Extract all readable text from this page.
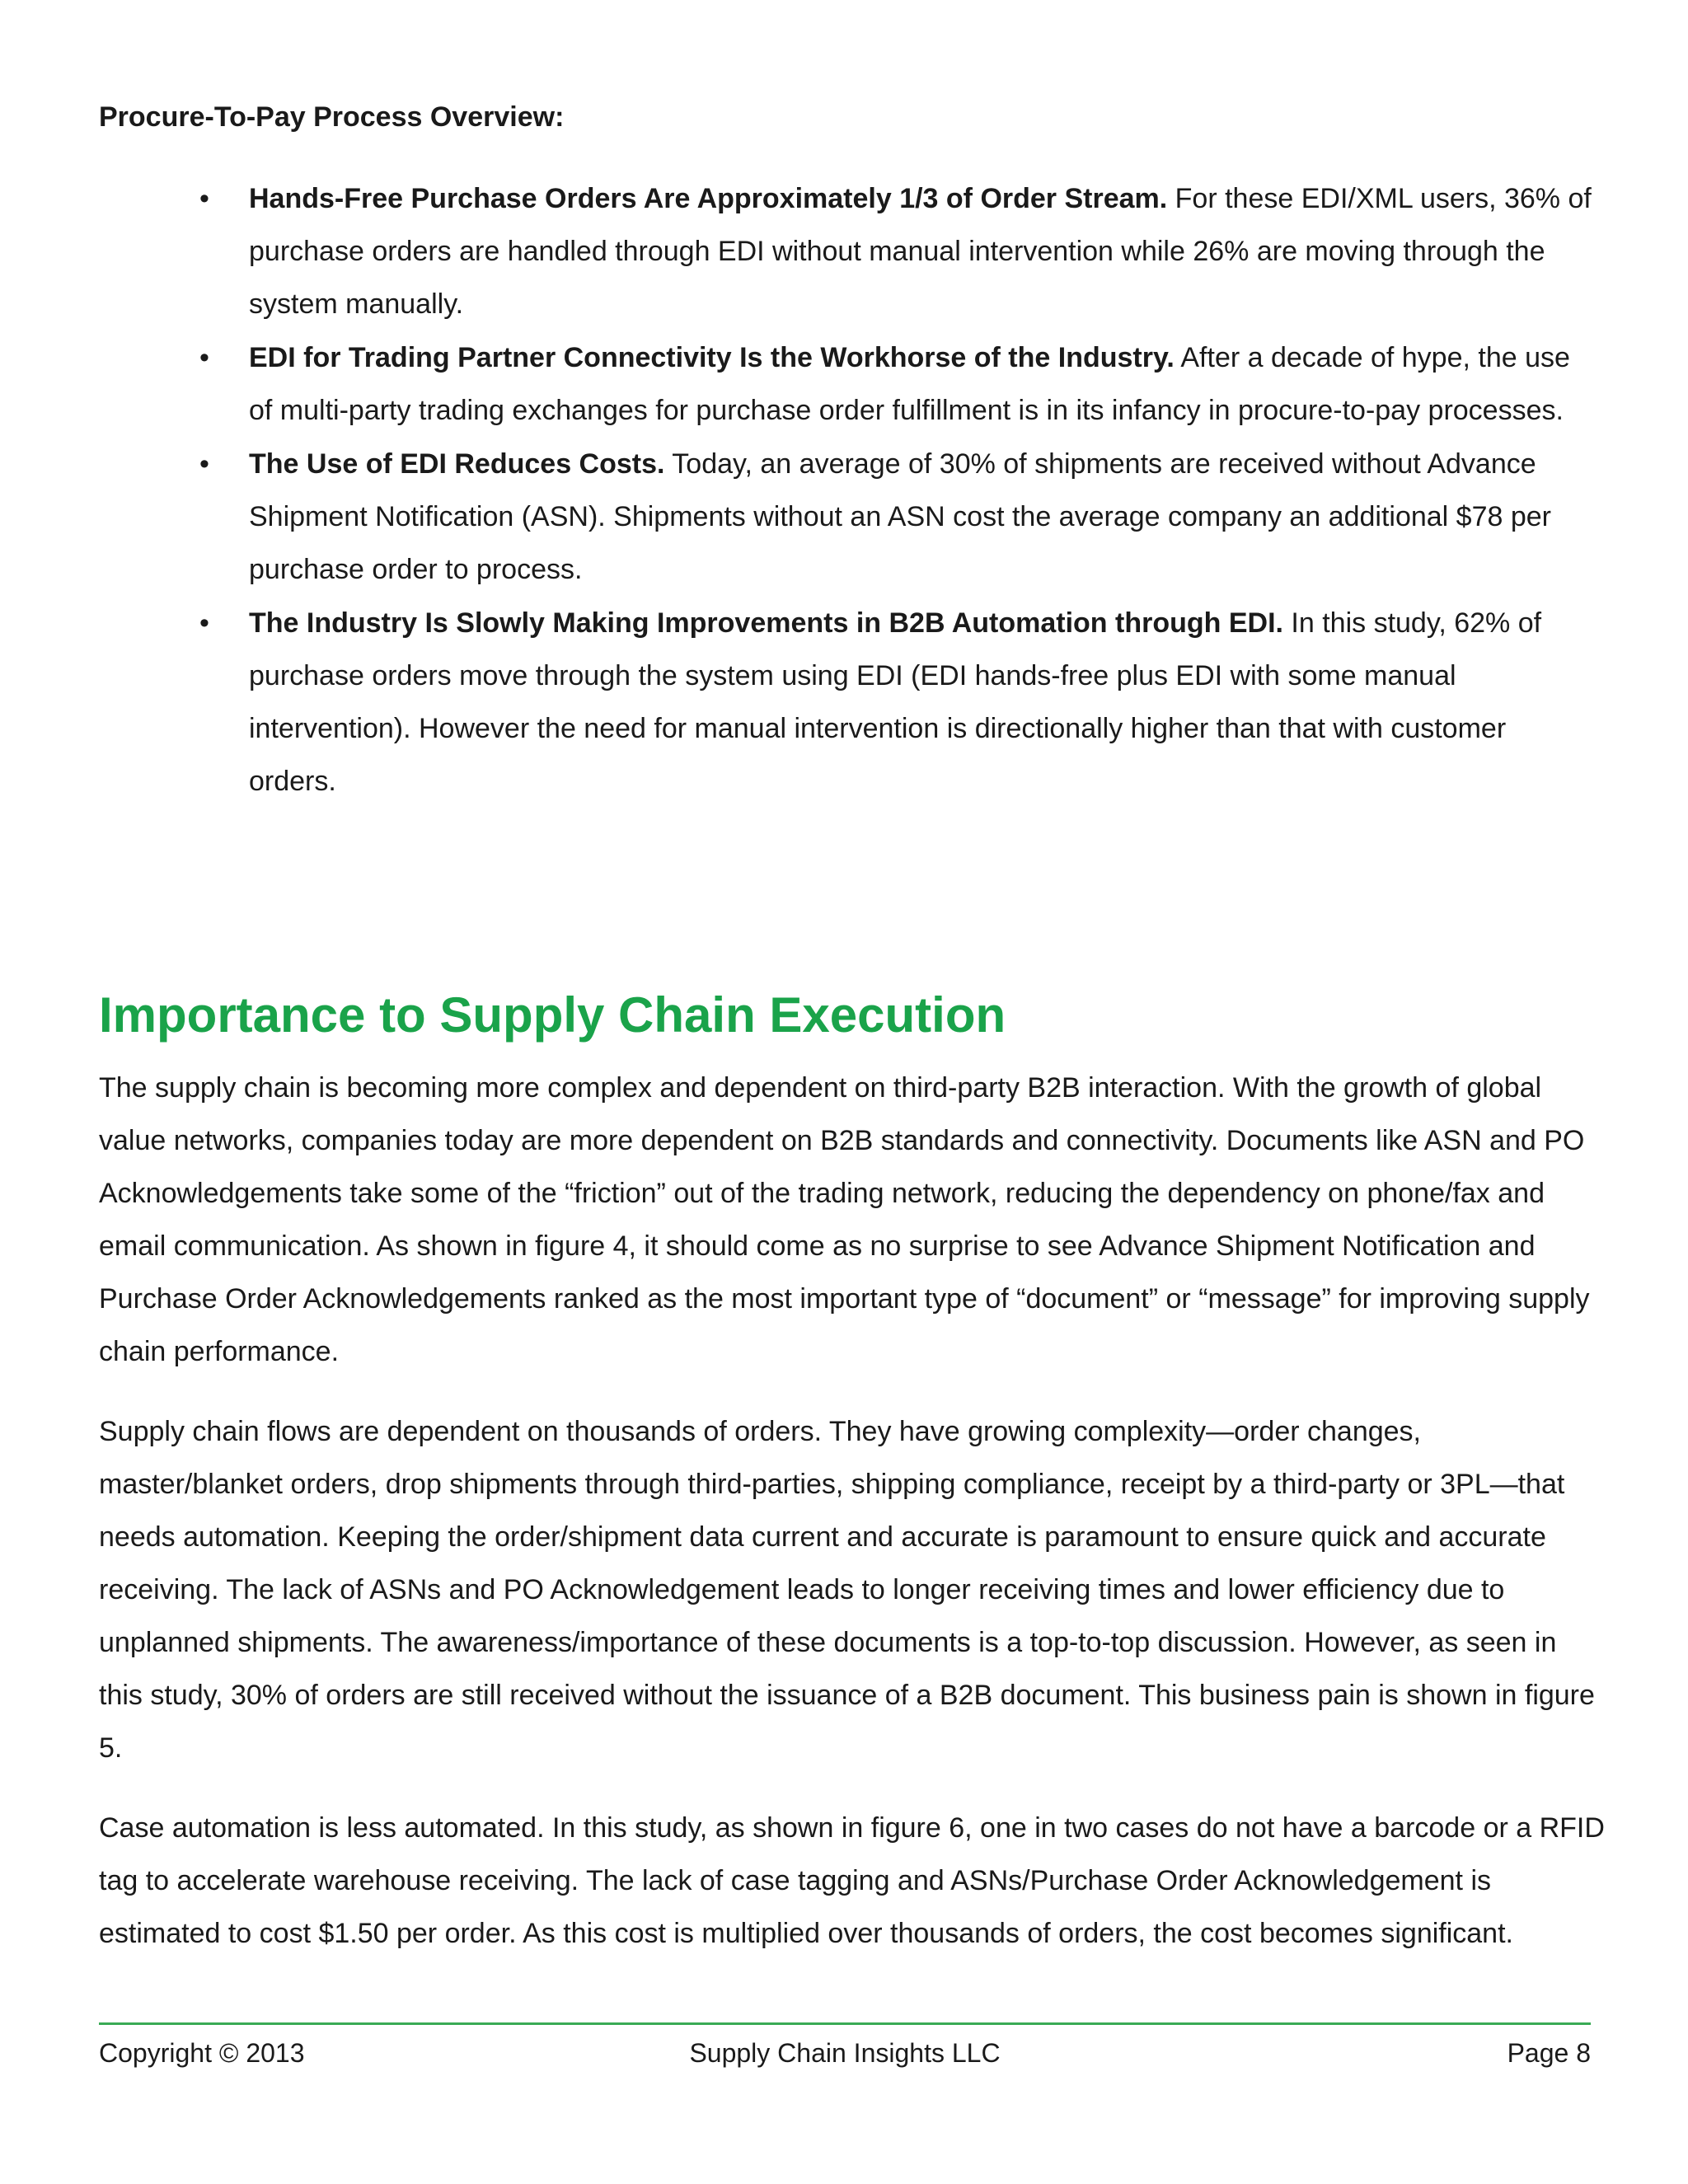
Procure-To-Pay Process Overview:
• Hands-Free Purchase Orders Are Approximately 1/3 of Order Stream. For these EDI/XML users, 36% of purchase orders are handled through EDI without manual intervention while 26% are moving through the system manually.
• EDI for Trading Partner Connectivity Is the Workhorse of the Industry. After a decade of hype, the use of multi-party trading exchanges for purchase order fulfillment is in its infancy in procure-to-pay processes.
• The Use of EDI Reduces Costs. Today, an average of 30% of shipments are received without Advance Shipment Notification (ASN). Shipments without an ASN cost the average company an additional $78 per purchase order to process.
• The Industry Is Slowly Making Improvements in B2B Automation through EDI. In this study, 62% of purchase orders move through the system using EDI (EDI hands-free plus EDI with some manual intervention). However the need for manual intervention is directionally higher than that with customer orders.
Importance to Supply Chain Execution

The supply chain is becoming more complex and dependent on third-party B2B interaction. With the growth of global value networks, companies today are more dependent on B2B standards and connectivity. Documents like ASN and PO Acknowledgements take some of the “friction” out of the trading network, reducing the dependency on phone/fax and email communication. As shown in figure 4, it should come as no surprise to see Advance Shipment Notification and Purchase Order Acknowledgements ranked as the most important type of “document” or “message” for improving supply chain performance.

Supply chain flows are dependent on thousands of orders. They have growing complexity—order changes, master/blanket orders, drop shipments through third-parties, shipping compliance, receipt by a third-party or 3PL—that needs automation. Keeping the order/shipment data current and accurate is paramount to ensure quick and accurate receiving. The lack of ASNs and PO Acknowledgement leads to longer receiving times and lower efficiency due to unplanned shipments. The awareness/importance of these documents is a top-to-top discussion. However, as seen in this study, 30% of orders are still received without the issuance of a B2B document. This business pain is shown in figure 5.

Case automation is less automated. In this study, as shown in figure 6, one in two cases do not have a barcode or a RFID tag to accelerate warehouse receiving. The lack of case tagging and ASNs/Purchase Order Acknowledgement is estimated to cost $1.50 per order. As this cost is multiplied over thousands of orders, the cost becomes significant.

Copyright © 2013	Supply Chain Insights LLC	Page 8
